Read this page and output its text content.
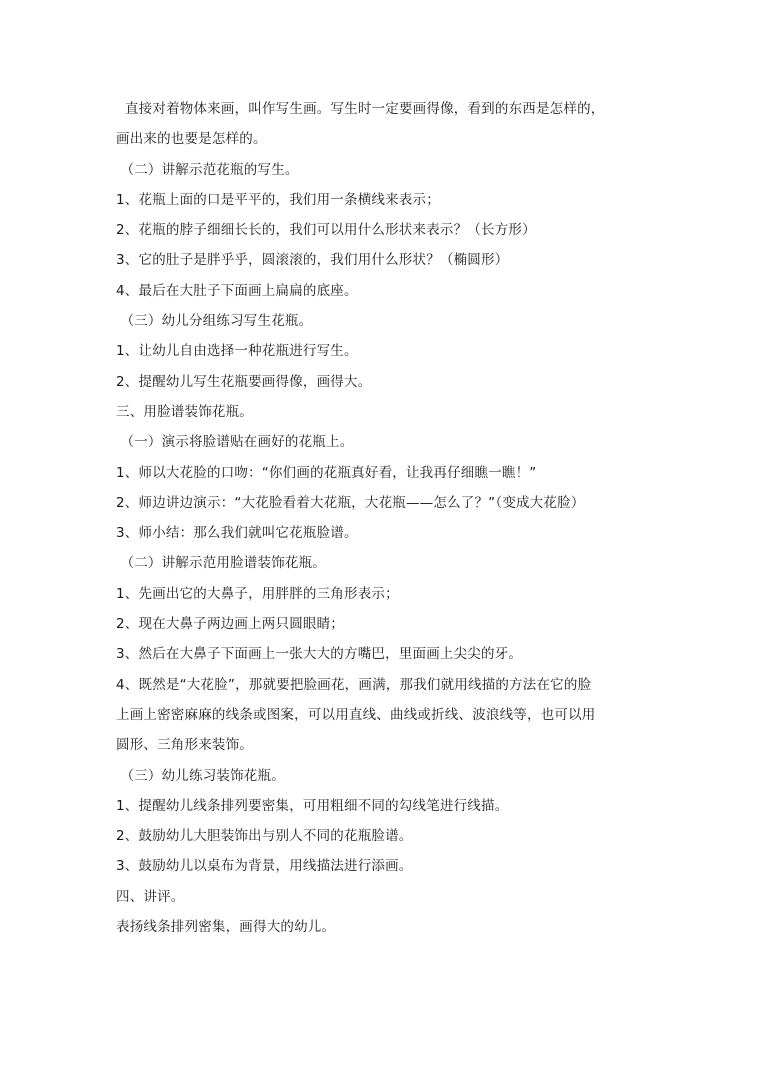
直接对着物体来画，叫作写生画。写生时一定要画得像，看到的东西是怎样的，
画出来的也要是怎样的。
（二）讲解示范花瓶的写生。
1、花瓶上面的口是平平的，我们用一条横线来表示；
2、花瓶的脖子细细长长的，我们可以用什么形状来表示？（长方形）
3、它的肚子是胖乎乎，圆滚滚的，我们用什么形状？（椭圆形）
4、最后在大肚子下面画上扁扁的底座。
（三）幼儿分组练习写生花瓶。
1、让幼儿自由选择一种花瓶进行写生。
2、提醒幼儿写生花瓶要画得像，画得大。
三、用脸谱装饰花瓶。
（一）演示将脸谱贴在画好的花瓶上。
1、师以大花脸的口吻：“你们画的花瓶真好看，让我再仔细瞧一瞧！”
2、师边讲边演示：“大花脸看着大花瓶，大花瓶——怎么了？”（变成大花脸）
3、师小结：那么我们就叫它花瓶脸谱。
（二）讲解示范用脸谱装饰花瓶。
1、先画出它的大鼻子，用胖胖的三角形表示；
2、现在大鼻子两边画上两只圆眼睛；
3、然后在大鼻子下面画上一张大大的方嘴巴，里面画上尖尖的牙。
4、既然是“大花脸”，那就要把脸画花，画满，那我们就用线描的方法在它的脸
上画上密密麻麻的线条或图案，可以用直线、曲线或折线、波浪线等，也可以用
圆形、三角形来装饰。
（三）幼儿练习装饰花瓶。
1、提醒幼儿线条排列要密集，可用粗细不同的勾线笔进行线描。
2、鼓励幼儿大胆装饰出与别人不同的花瓶脸谱。
3、鼓励幼儿以桌布为背景，用线描法进行添画。
四、讲评。
表扬线条排列密集，画得大的幼儿。
